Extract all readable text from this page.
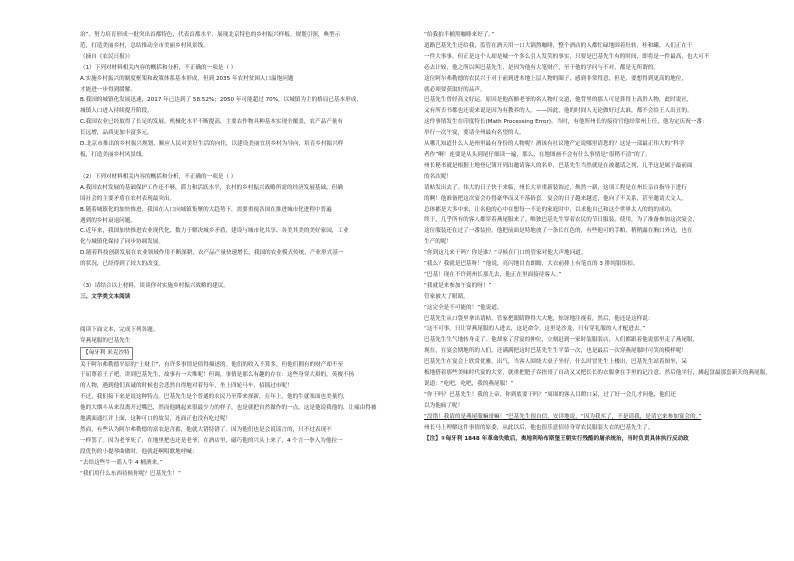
治”。努力培育形成一批突出首都特色、代表首都水平、展现北京特色的乡村振兴样板。规划引领，典型示

范，打造美丽乡村，总结推动全市美丽乡村风景线。

（摘自《农民日报》）

（1）下列对材料相关内容的概括和分析，不正确的一项是（ ）

A.实施乡村振兴的制度框架和政策体系基本形成，但到 2035 年农村贫困人口温饱问题

才能进一步得到缓解。

B.我国的城镇化发展迅速，2017 年已达到了 58.52%；2050 年可能超过 70%，以城镇为主的格局已基本形成，

城镇人口进入持续提升阶段。

C.我国农业已经取得了长足的发展，机械化水平不断提高，主要农作物具种基本实现全覆盖，农产品产量有

长远增，品质更加丰富多元。

D.北京市推出的乡村振兴规划，顺应人民对美好生活的向往，以建设美丽宜居乡村为导向，培育乡村振兴样

板，打造美丽乡村风景线。

（2）下列对材料相关内容的概括和分析，不正确的一项是（ ）

A.我国农村发展的基础保护工作还不够，滞力和活跃水平，农村的乡村振兴战略所需的经济发展基础，但确

国社会的主要矛盾在农村表现最突出。

B.随着城镇化的加快推进，我国在人口向城镇集聚的大趋势下，需要重视各国在推进城市化进程中普遍

遇到的乡村衰退问题。

C.近年来，我国加快推进农业现代化，数力于解决城乡矛盾，建设与城市化共享、各美其美的美好家园，工业

化与城镇化保持了同步协调发展。

D.随着科技创新发展在农业领域作用不断深耕，农产品产量快速增长，我国的农业模式传统，产业形式基一

的状况，已经得到了较大的改变。

（3）请结合以上材料，谈谈你对实施乡村振兴战略的建议。

三、文学类文本阅读

阅读下面文本，完成下列各题。

穿燕尾服的巴基先生

【匈牙利 米克沙特

关于阿尔弗勒德平原的“土财主”，有许多事情是值得描述的。他们的收入不算多，但他们拥有的财产却不至

于屈尊着王子吧。讲到巴基先生，故事有一大堆呢！但调，事情是那么有趣的存在：这些身穿大褂的，英俊不扬

的人物，遇到他们真诚的时候也会悲然自得地对着每年，坐上四轮马车，招摇过市呢！

不过，我们接下来是说这种特点。巴基先生是个普通的农民乃至带来探新，在年上，他的牛就塞面也美量约，

他的大烟斗从来没离开过嘴巴，然而他跳起来很最少力的样子，也是就把自然做作的一点，这是他说我他的，让痛由得被

地满面通红并上面，这种可口的故吴，连面正也没有吃过呢！

然而，有些认为阿尔弗勒德的富农是含蓄，他就大错特错了。因为他们也是会说谣言的，只不过表现不

一样罢了。因为老爷死了，在地里把也还是老爷，在酒店里，磁巧他的兴头上来了，4 个言一拳入为他拉一

段优伤的小提琴曲做时，他就赶啊唱歌地呼喊：

“去给这些牛一篮人牛 4 桶酒来。”

“我们用什么东西待候你呢？巴基先生！”

“给我拍半桶黑咖啡来好了。”

道路巴基先生还给我，监管在酒天用一口大锅熬咖啡，整个酒店的人都忙碌地围着灶转，桂和罐，人们正在干

一件大事事。但正是这个人却是城一个多么引人发笑的事实，只要是巴基先生有的时间，即将是一件最高，也大可不

必去计较，他之所以叫巴基先生，是因为他有大笔财产，至于他的学问与不对，都是无所谓的。

这位阿尔弗勒德的农民兴于对于前到进本地上层人物的圈子，感到非常得意，但是，要想得到更高的地位，

就必须要获取好的品声。

巴基先生曾经高文好运。原因是他高额老爷的名人物打交道，他背里的那人可是算得上高贵人物，此时说社，

又有所否书都也还说来说是因为有教养的人，——因此，他的时间人无论做好过太谁，都不会给王人出丑的。

这件事情发生在印度特长(Math Processing Error)。当时，有他所州长的接待官他经常州上任，他为定庆祝一番：

举行一次午宴，要请全州最有名望的人。

从哪儿知道什么人是州里最有身份的人物呢？酒该有社议地产定说哪里请您的？这是一部最正伟大的“科学

者作”啊！连要是从头到尾仔细读一遍，那么，在地图画不会有什么事情是“很稍不清”的了。

州长秘书就是根据土地登记簿开列出邀请客人的名单，巴基先生当然就是在被邀请之列，几乎这是属于最前面

的名次呢！

请帖发出去了。伟大的日子快于来临，州长大章重新装饰过，焕然一新，这项工程是在州长亲自指导下进行

的啊！他准备把这次宴会办得豪华而又不落俗套。宴会的日子越来越近，他向了不关系，甚至邀请大文人，

总体都是大多中来，让名他的心中在想每一不论的家庭时中，以求他自己和这个世界太人的的的成功。

终于，几乎所有的客人都穿着燕尾服来了。唯独巴基先生穿着农民的节日服装，使用，为了准备参加这次宴会，

这位服装还在过了一番装扮，他把前面是特地放了一条长红色的，有些他可的手帕，稍稍露在胸口外边，也在

生产的呢！

“你到这儿来干吗？你是谁？”寻候在门口的管家对他大声地问道。

“我么？我就是巴基呀！”他说，亮闪地目直朗瞻，大衣前排上有笔直的 3 排纯银组扣。

“巴基！现在不许到州长那儿去，他正在里面接待客人。”

“我就是来参加午宴的呀！”

管家被大了眼睛。

“这完全是不可能的！”他说道。

巴基先生从口袋里拿出请帖，管家把眼睛睁得大大地，惊讶地注视着，然后，他还是这样说：

“这不可事。只让穿燕尾服的人进去，这是命令。这里是沙龙，只有穿礼服的人才配进去。”

巴基先生生气地转身走了。他却家了营宴的伸位，立刻赶到一家时装服装店，人们都跟着他说那里走了燕尾服，

现在，在宴会期地所的人们，还满满把这时巴基先生生平第一次，也是最后一次穿燕尾服时可笑的模样呢！

巴基先生在宴会上欣赏优雅，出气，当客人围绕大桌子坐好，什么时冒先生上楼出，巴基先生站着图坐，呆

板地搭着那些美味时代宴的大堂，就重把肥子吞捂哥了自动又又把长长的衣服拿在手里的记注意，然后他平行，拂起盘最那套新天的燕尾服，

说道：“吃吧，吃吧，我的燕尾服！”

“你干吗？巴基先生！我的上帝，你到底要干吗？”周围的客人目瞪口呆，过了好一会儿才问他，他们还

以为他疯了呢！

“没错！我请的是燕尾服嘛哥嘛！”巴基先生很自信，安详地说，“因为我买了，不是请我，是请它来参加宴会的。”

州长马上理解这件事情的原委，从此以后，他也很乐意招待身穿农民服装大衣的巴基先生了。

【注】①匈牙利 1848 年革命失败后，奥地利哈布斯堡王朝实行残酷的屠杀统治，当时负责具体执行反动政
